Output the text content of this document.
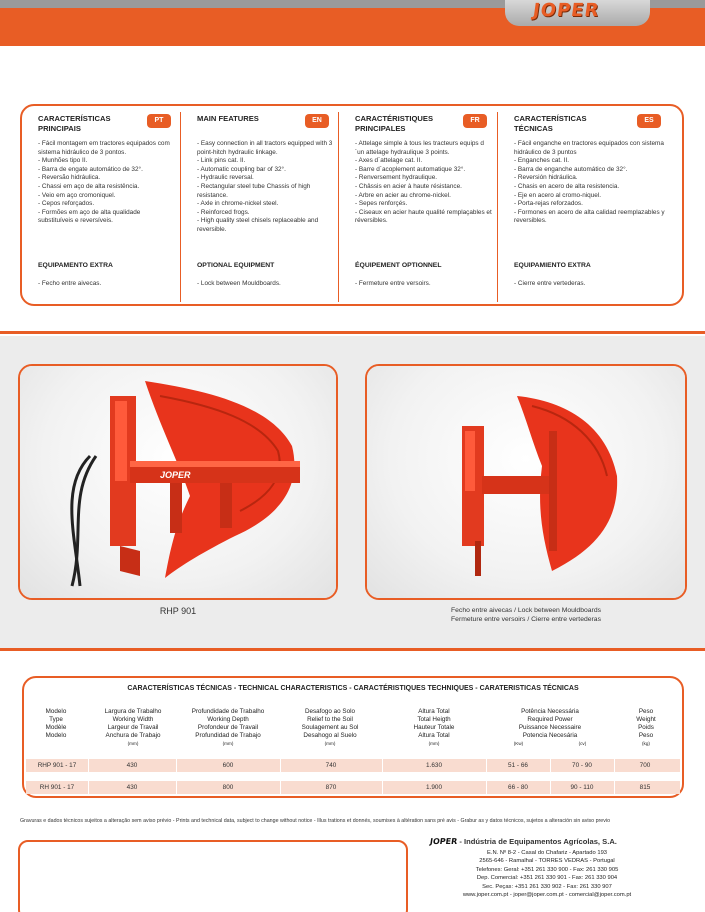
JOPER
CARACTERÍSTICAS PRINCIPAIS
PT
- Fácil montagem em tractores equipados com sistema hidráulico de 3 pontos.
- Munhões tipo II.
- Barra de engate automático de 32°.
- Reversão hidráulica.
- Chassi em aço de alta resistência.
- Veio em aço cromoniquel.
- Cepos reforçados.
- Formões em aço de alta qualidade substituíveis e reversíveis.
EQUIPAMENTO EXTRA
- Fecho entre aivecas.
MAIN FEATURES	EN
- Easy connection in all tractors equipped with 3 point-hitch hydraulic linkage.
- Link pins cat. II.
- Automatic coupling bar of 32°.
- Hydraulic reversal.
- Rectangular steel tube Chassis of high resistance.
- Axle in chrome-nickel steel.
- Reinforced frogs.
- High quality steel chisels replaceable and reversible.
OPTIONAL EQUIPMENT
- Lock between Mouldboards.
CARACTÉRISTIQUES PRINCIPALES
FR
- Attelage simple à tous les tracteurs equips d´un attelage hydraulique 3 points.
- Axes d´attelage cat. II.
- Barre d´acoplement automatique 32°.
- Renversement hydraulique.
- Châssis en acier à haute résistance.
- Arbre en acier au chrome-nickel.
- Sepes renforçés.
- Ciseaux en acier haute qualité remplaçables et réversibles.
ÉQUIPEMENT OPTIONNEL
- Fermeture entre versoirs.
CARACTERÍSTICAS TÉCNICAS
ES
- Fácil enganche en tractores equipados con sistema hidráulico de 3 puntos
- Enganches cat. II.
- Barra de enganche automático de 32°.
- Reversión hidráulica.
- Chasis en acero de alta resistencia.
- Eje en acero al cromo-niquel.
- Porta-rejas reforzados.
- Formones en acero de alta calidad reemplazables y reversibles.
EQUIPAMIENTO EXTRA
- Cierre entre vertederas.
JOPER
RHP 901	Fecho entre aivecas / Lock between Mouldboards
Fermeture entre versoirs / Cierre entre vertederas
CARACTERÍSTICAS TÉCNICAS - TECHNICAL CHARACTERISTICS - CARACTÉRISTIQUES TECHNIQUES - CARATERISTICAS TÉCNICAS
Modelo
Type
Modèle
Modelo
Largura de Trabalho
Working Width
Largeur de Travail
Anchura de Trabajo
(mm)
Profundidade de Trabalho
Working Depth
Profondeur de Travail
Profundidad de Trabajo
(mm)
Desafogo ao Solo
Relief to the Soil
Soulagement au Sol
Desahogo al Suelo
(mm)
Altura Total
Total Heigth
Hauteur Totale
Altura Total
(mm)
Potência Necessária
Required Power
Puissance Necessaire
Potencia Necesária
(Kw)	(cv)
Peso
Weight
Poids
Peso
(kg)
RHP 901 - 17	430	600	740	1.630	51 - 66	70 - 90	700
RH 901 - 17	430	800	870	1.900	66 - 80	90 - 110	815
Gravuras e dados técnicos sujeitos a alteração sem aviso prévio - Prints and technical data, subject to change without notice - Illus trations et donnés, soumises à altération sans pré avis - Grabur as y datos técnicos, sujetos a alteración sin aviso previo
JOPER - Indústria de Equipamentos Agrícolas, S.A.
E.N. Nº 8-2 - Casal do Chafariz - Apartado 193
2565-646 - Ramalhal - TORRES VEDRAS - Portugal
Telefones: Geral: +351 261 330 900 - Fax: 261 330 905
Dep. Comercial: +351 261 330 901 - Fax: 261 330 904
Sec. Peças: +351 261 330 902 - Fax: 261 330 907
www.joper.com.pt - joper@joper.com.pt - comercial@joper.com.pt
